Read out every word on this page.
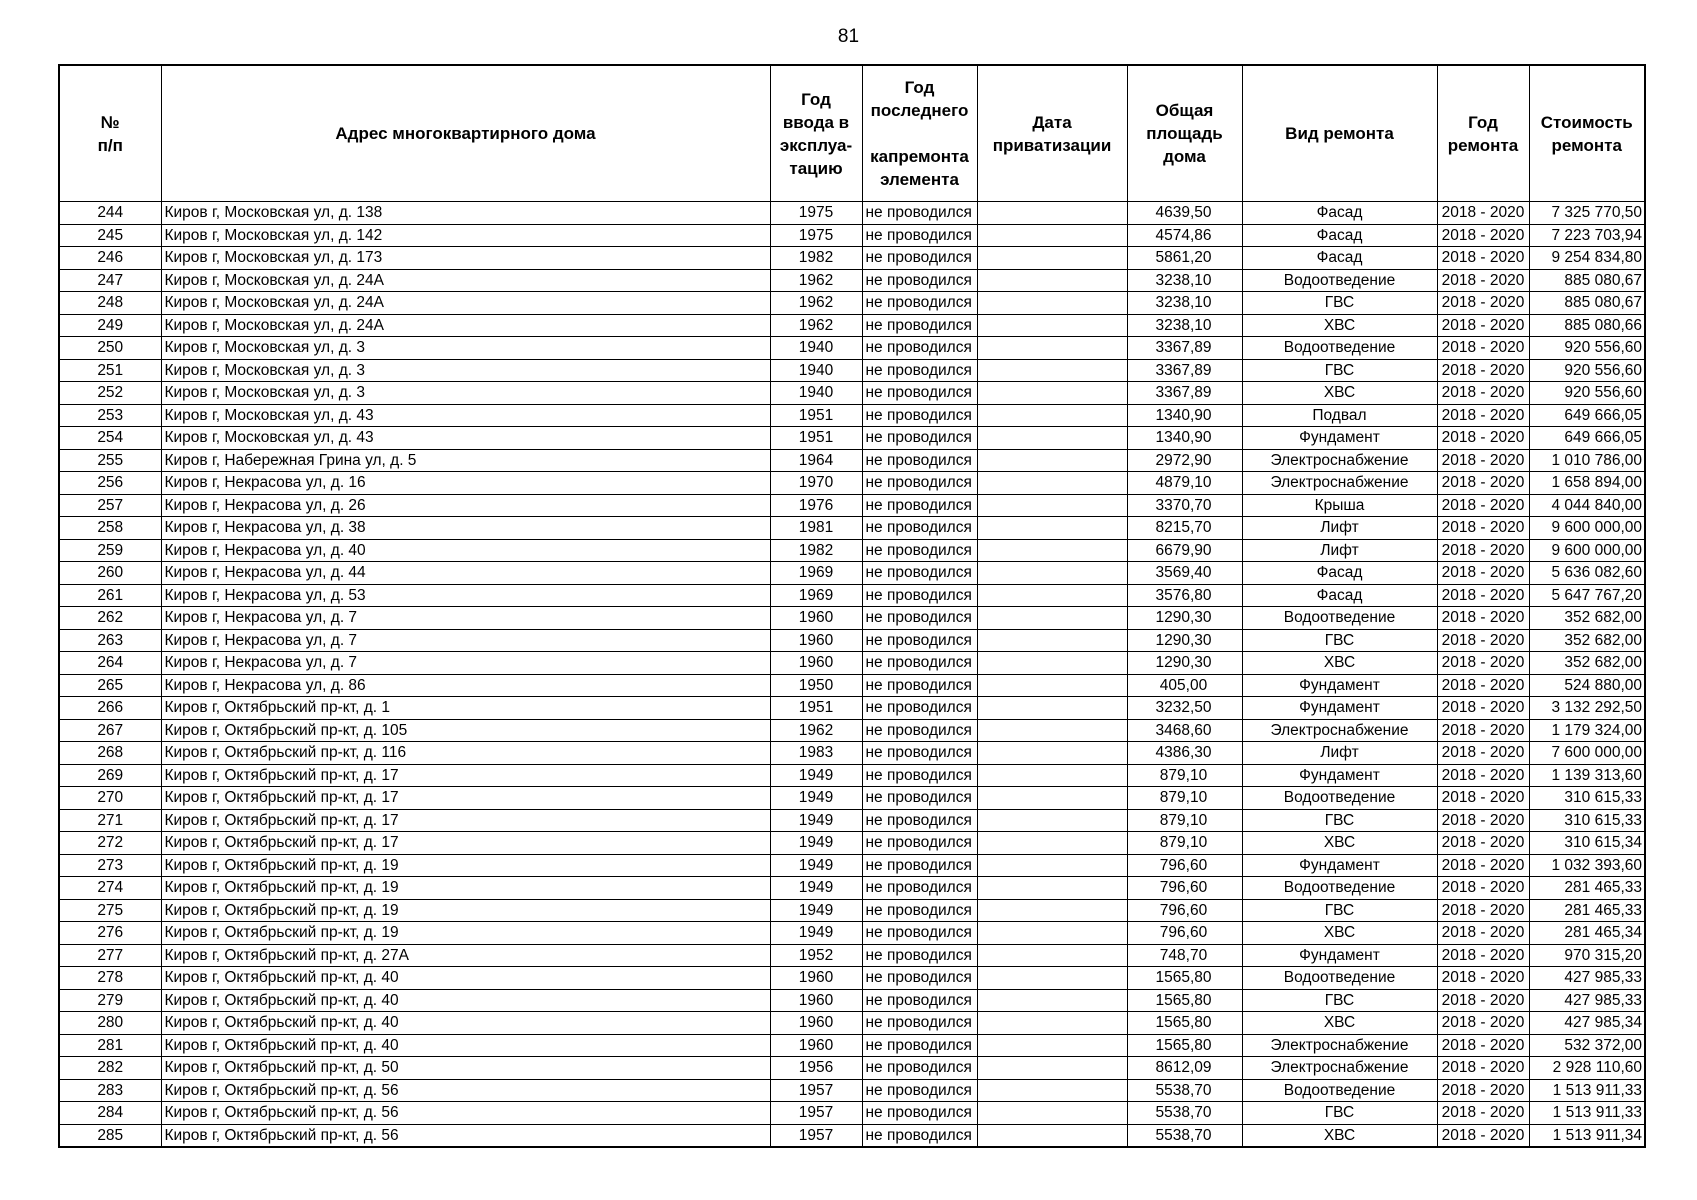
81
№
п/п	Адрес многоквартирного дома	Год
ввода в
эксплуа-
тацию	Год
последнего

капремонта
элемента	Дата
приватизации	Общая
площадь
дома	Вид ремонта	Год
ремонта	Стоимость
ремонта

244	Киров г, Московская ул, д. 138	1975	не проводился		4639,50	Фасад	2018 - 2020	7 325 770,50
245	Киров г, Московская ул, д. 142	1975	не проводился		4574,86	Фасад	2018 - 2020	7 223 703,94
246	Киров г, Московская ул, д. 173	1982	не проводился		5861,20	Фасад	2018 - 2020	9 254 834,80
247	Киров г, Московская ул, д. 24А	1962	не проводился		3238,10	Водоотведение	2018 - 2020	885 080,67
248	Киров г, Московская ул, д. 24А	1962	не проводился		3238,10	ГВС	2018 - 2020	885 080,67
249	Киров г, Московская ул, д. 24А	1962	не проводился		3238,10	ХВС	2018 - 2020	885 080,66
250	Киров г, Московская ул, д. 3	1940	не проводился		3367,89	Водоотведение	2018 - 2020	920 556,60
251	Киров г, Московская ул, д. 3	1940	не проводился		3367,89	ГВС	2018 - 2020	920 556,60
252	Киров г, Московская ул, д. 3	1940	не проводился		3367,89	ХВС	2018 - 2020	920 556,60
253	Киров г, Московская ул, д. 43	1951	не проводился		1340,90	Подвал	2018 - 2020	649 666,05
254	Киров г, Московская ул, д. 43	1951	не проводился		1340,90	Фундамент	2018 - 2020	649 666,05
255	Киров г, Набережная Грина ул, д. 5	1964	не проводился		2972,90	Электроснабжение	2018 - 2020	1 010 786,00
256	Киров г, Некрасова ул, д. 16	1970	не проводился		4879,10	Электроснабжение	2018 - 2020	1 658 894,00
257	Киров г, Некрасова ул, д. 26	1976	не проводился		3370,70	Крыша	2018 - 2020	4 044 840,00
258	Киров г, Некрасова ул, д. 38	1981	не проводился		8215,70	Лифт	2018 - 2020	9 600 000,00
259	Киров г, Некрасова ул, д. 40	1982	не проводился		6679,90	Лифт	2018 - 2020	9 600 000,00
260	Киров г, Некрасова ул, д. 44	1969	не проводился		3569,40	Фасад	2018 - 2020	5 636 082,60
261	Киров г, Некрасова ул, д. 53	1969	не проводился		3576,80	Фасад	2018 - 2020	5 647 767,20
262	Киров г, Некрасова ул, д. 7	1960	не проводился		1290,30	Водоотведение	2018 - 2020	352 682,00
263	Киров г, Некрасова ул, д. 7	1960	не проводился		1290,30	ГВС	2018 - 2020	352 682,00
264	Киров г, Некрасова ул, д. 7	1960	не проводился		1290,30	ХВС	2018 - 2020	352 682,00
265	Киров г, Некрасова ул, д. 86	1950	не проводился		405,00	Фундамент	2018 - 2020	524 880,00
266	Киров г, Октябрьский пр-кт, д. 1	1951	не проводился		3232,50	Фундамент	2018 - 2020	3 132 292,50
267	Киров г, Октябрьский пр-кт, д. 105	1962	не проводился		3468,60	Электроснабжение	2018 - 2020	1 179 324,00
268	Киров г, Октябрьский пр-кт, д. 116	1983	не проводился		4386,30	Лифт	2018 - 2020	7 600 000,00
269	Киров г, Октябрьский пр-кт, д. 17	1949	не проводился		879,10	Фундамент	2018 - 2020	1 139 313,60
270	Киров г, Октябрьский пр-кт, д. 17	1949	не проводился		879,10	Водоотведение	2018 - 2020	310 615,33
271	Киров г, Октябрьский пр-кт, д. 17	1949	не проводился		879,10	ГВС	2018 - 2020	310 615,33
272	Киров г, Октябрьский пр-кт, д. 17	1949	не проводился		879,10	ХВС	2018 - 2020	310 615,34
273	Киров г, Октябрьский пр-кт, д. 19	1949	не проводился		796,60	Фундамент	2018 - 2020	1 032 393,60
274	Киров г, Октябрьский пр-кт, д. 19	1949	не проводился		796,60	Водоотведение	2018 - 2020	281 465,33
275	Киров г, Октябрьский пр-кт, д. 19	1949	не проводился		796,60	ГВС	2018 - 2020	281 465,33
276	Киров г, Октябрьский пр-кт, д. 19	1949	не проводился		796,60	ХВС	2018 - 2020	281 465,34
277	Киров г, Октябрьский пр-кт, д. 27А	1952	не проводился		748,70	Фундамент	2018 - 2020	970 315,20
278	Киров г, Октябрьский пр-кт, д. 40	1960	не проводился		1565,80	Водоотведение	2018 - 2020	427 985,33
279	Киров г, Октябрьский пр-кт, д. 40	1960	не проводился		1565,80	ГВС	2018 - 2020	427 985,33
280	Киров г, Октябрьский пр-кт, д. 40	1960	не проводился		1565,80	ХВС	2018 - 2020	427 985,34
281	Киров г, Октябрьский пр-кт, д. 40	1960	не проводился		1565,80	Электроснабжение	2018 - 2020	532 372,00
282	Киров г, Октябрьский пр-кт, д. 50	1956	не проводился		8612,09	Электроснабжение	2018 - 2020	2 928 110,60
283	Киров г, Октябрьский пр-кт, д. 56	1957	не проводился		5538,70	Водоотведение	2018 - 2020	1 513 911,33
284	Киров г, Октябрьский пр-кт, д. 56	1957	не проводился		5538,70	ГВС	2018 - 2020	1 513 911,33
285	Киров г, Октябрьский пр-кт, д. 56	1957	не проводился		5538,70	ХВС	2018 - 2020	1 513 911,34
